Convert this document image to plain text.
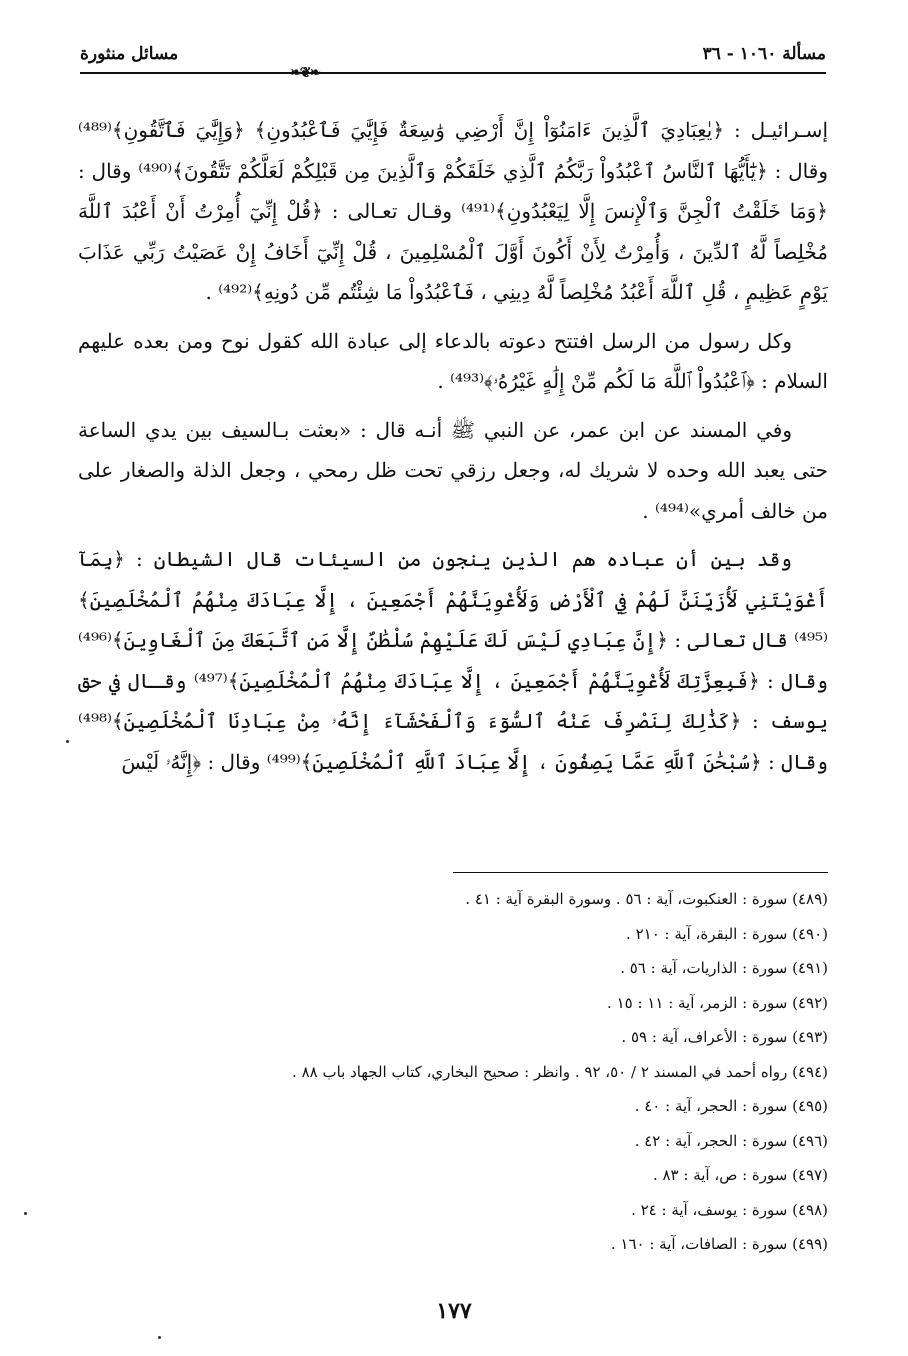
مسألة ١٠٦٠ - ٣٦
مسائل منثورة
❧❦❧

إسـرائيـل : ﴿يٰعِبَادِيَ ٱلَّذِينَ ءَامَنُوٓاْ إِنَّ أَرْضِي وَٰسِعَةٌ فَإِيَّٰيَ فَٱعْبُدُونِ﴾ ﴿وَإِيَّٰيَ فَٱتَّقُونِ﴾⁽⁴⁸⁹⁾ وقال : ﴿يَٰٓأَيُّهَا ٱلنَّاسُ ٱعْبُدُواْ رَبَّكُمُ ٱلَّذِي خَلَقَكُمْ وَٱلَّذِينَ مِن قَبْلِكُمْ لَعَلَّكُمْ تَتَّقُونَ﴾⁽⁴⁹⁰⁾ وقال : ﴿وَمَا خَلَقْتُ ٱلْجِنَّ وَٱلْإِنسَ إِلَّا لِيَعْبُدُونِ﴾⁽⁴⁹¹⁾ وقـال تعـالى : ﴿قُلْ إِنِّيٓ أُمِرْتُ أَنْ أَعْبُدَ ٱللَّهَ مُخْلِصاً لَّهُ ٱلدِّينَ ، وَأُمِرْتُ لِأَنْ أَكُونَ أَوَّلَ ٱلْمُسْلِمِينَ ، قُلْ إِنِّيٓ أَخَافُ إِنْ عَصَيْتُ رَبِّي عَذَابَ يَوْمٍ عَظِيمٍ ، قُلِ ٱللَّهَ أَعْبُدُ مُخْلِصاً لَّهُ دِينِي ، فَٱعْبُدُواْ مَا شِئْتُم مِّن دُونِهِ﴾⁽⁴⁹²⁾ .

وكل رسول من الرسل افتتح دعوته بالدعاء إلى عبادة الله كقول نوح ومن بعده عليهم السلام : ﴿ٱعْبُدُواْ ٱللَّهَ مَا لَكُم مِّنْ إِلَٰهٍ غَيْرُهُۥ﴾⁽⁴⁹³⁾ .

وفي المسند عن ابن عمر، عن النبي ﷺ أنـه قال : «بعثت بـالسيف بين يدي الساعة حتى يعبد الله وحده لا شريك له، وجعل رزقي تحت ظل رمحي ، وجعل الذلة والصغار على من خالف أمري»⁽⁴⁹⁴⁾ .

وقد بين أن عباده هم الذين ينجون من السيئات قال الشيطان : ﴿بِمَآ أَغْوَيْتَنِي لَأُزَيِّنَنَّ لَهُمْ فِي ٱلْأَرْضِ وَلَأُغْوِيَنَّهُمْ أَجْمَعِينَ ، إِلَّا عِبَادَكَ مِنْهُمُ ٱلْمُخْلَصِينَ﴾⁽⁴⁹⁵⁾ قال تعالى : ﴿إِنَّ عِبَادِي لَيْسَ لَكَ عَلَيْهِمْ سُلْطَٰنٌ إِلَّا مَنِ ٱتَّبَعَكَ مِنَ ٱلْغَاوِينَ﴾⁽⁴⁹⁶⁾ وقال : ﴿فَبِعِزَّتِكَ لَأُغْوِيَنَّهُمْ أَجْمَعِينَ ، إِلَّا عِبَادَكَ مِنْهُمُ ٱلْمُخْلَصِينَ﴾⁽⁴⁹⁷⁾ وقـال في حق يوسف : ﴿كَذَٰلِكَ لِنَصْرِفَ عَنْهُ ٱلسُّوٓءَ وَٱلْفَحْشَآءَ إِنَّهُۥ مِنْ عِبَادِنَا ٱلْمُخْلَصِينَ﴾⁽⁴⁹⁸⁾ وقال : ﴿سُبْحَٰنَ ٱللَّهِ عَمَّا يَصِفُونَ ، إِلَّا عِبَادَ ٱللَّهِ ٱلْمُخْلَصِينَ﴾⁽⁴⁹⁹⁾ وقال : ﴿إِنَّهُۥ لَيْسَ

(٤٨٩) سورة : العنكبوت، آية : ٥٦ . وسورة البقرة آية : ٤١ .
(٤٩٠) سورة : البقرة، آية : ٢١٠ .
(٤٩١) سورة : الذاريات، آية : ٥٦ .
(٤٩٢) سورة : الزمر، آية : ١١ : ١٥ .
(٤٩٣) سورة : الأعراف، آية : ٥٩ .
(٤٩٤) رواه أحمد في المسند ٢ / ٥٠، ٩٢ . وانظر : صحيح البخاري، كتاب الجهاد باب ٨٨ .
(٤٩٥) سورة : الحجر، آية : ٤٠ .
(٤٩٦) سورة : الحجر، آية : ٤٢ .
(٤٩٧) سورة : ص، آية : ٨٣ .
(٤٩٨) سورة : يوسف، آية : ٢٤ .
(٤٩٩) سورة : الصافات، آية : ١٦٠ .
١٧٧
